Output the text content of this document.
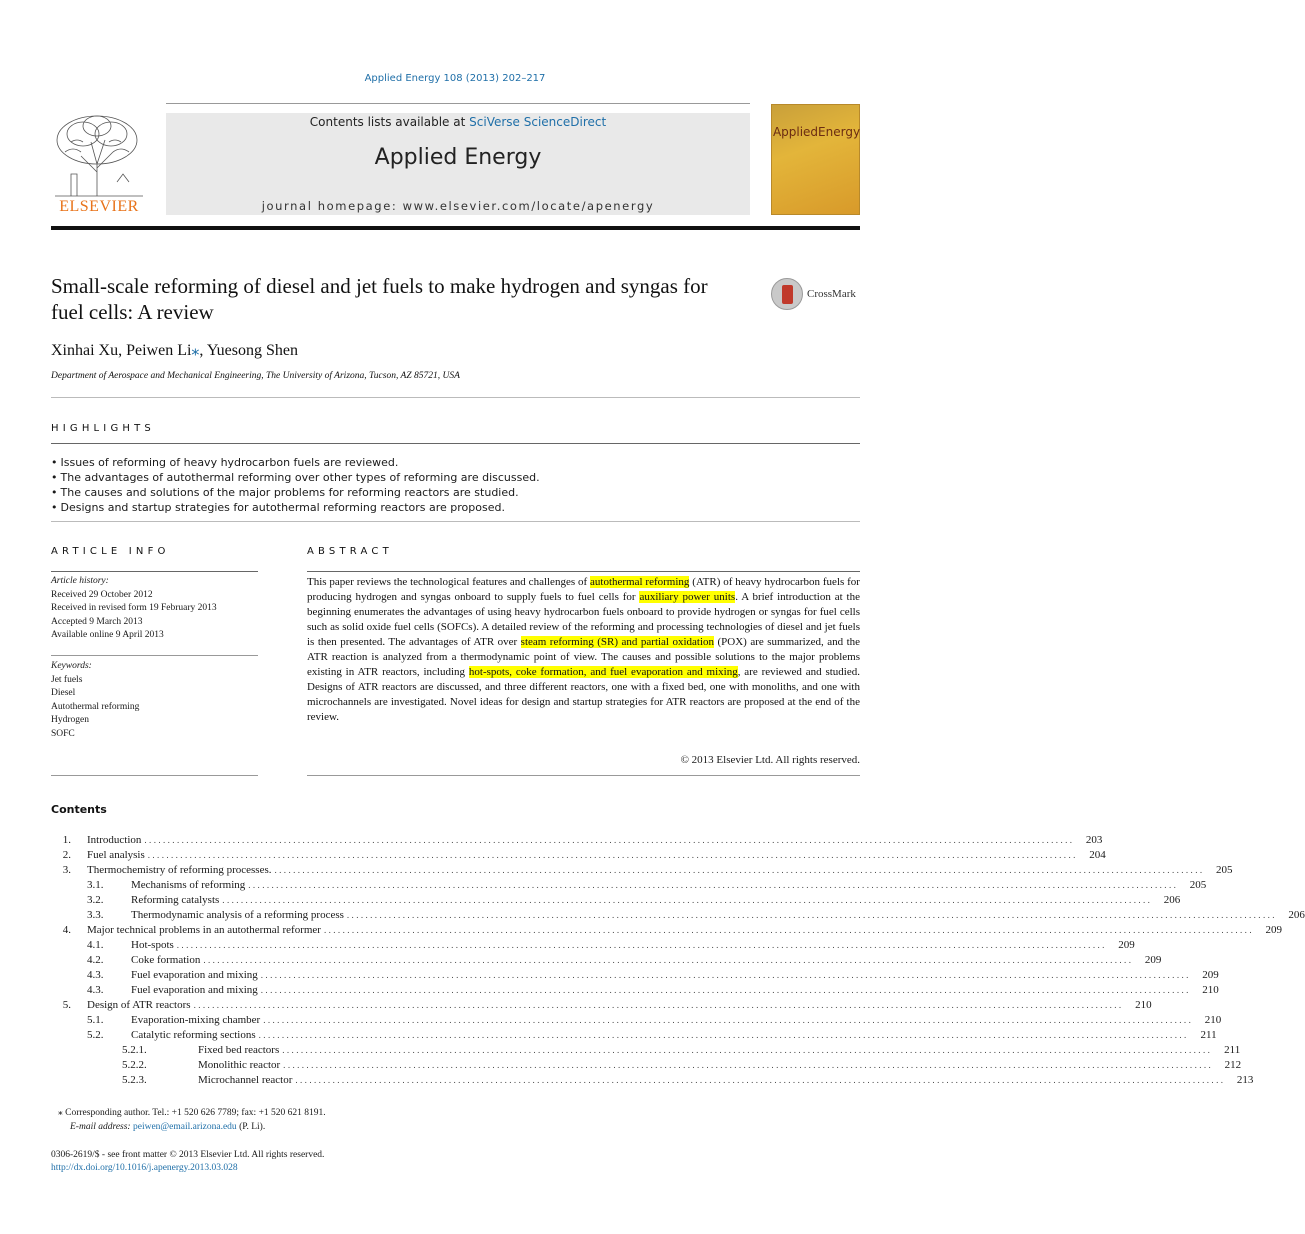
Applied Energy 108 (2013) 202–217
ELSEVIER
Contents lists available at SciVerse ScienceDirect
Applied Energy
journal homepage: www.elsevier.com/locate/apenergy
AppliedEnergy
Small-scale reforming of diesel and jet fuels to make hydrogen and syngas for fuel cells: A review
CrossMark
Xinhai Xu, Peiwen Li⁎, Yuesong Shen
Department of Aerospace and Mechanical Engineering, The University of Arizona, Tucson, AZ 85721, USA
HIGHLIGHTS
• Issues of reforming of heavy hydrocarbon fuels are reviewed.
• The advantages of autothermal reforming over other types of reforming are discussed.
• The causes and solutions of the major problems for reforming reactors are studied.
• Designs and startup strategies for autothermal reforming reactors are proposed.
ARTICLE INFO
Article history:
Received 29 October 2012
Received in revised form 19 February 2013
Accepted 9 March 2013
Available online 9 April 2013
Keywords:
Jet fuels
Diesel
Autothermal reforming
Hydrogen
SOFC
ABSTRACT
This paper reviews the technological features and challenges of autothermal reforming (ATR) of heavy hydrocarbon fuels for producing hydrogen and syngas onboard to supply fuels to fuel cells for auxiliary power units. A brief introduction at the beginning enumerates the advantages of using heavy hydrocarbon fuels onboard to provide hydrogen or syngas for fuel cells such as solid oxide fuel cells (SOFCs). A detailed review of the reforming and processing technologies of diesel and jet fuels is then presented. The advantages of ATR over steam reforming (SR) and partial oxidation (POX) are summarized, and the ATR reaction is analyzed from a thermodynamic point of view. The causes and possible solutions to the major problems existing in ATR reactors, including hot-spots, coke formation, and fuel evaporation and mixing, are reviewed and studied. Designs of ATR reactors are discussed, and three different reactors, one with a fixed bed, one with monoliths, and one with microchannels are investigated. Novel ideas for design and startup strategies for ATR reactors are proposed at the end of the review.
© 2013 Elsevier Ltd. All rights reserved.
Contents
1. Introduction ........................................................................................................................................................................................................	203
2. Fuel analysis ........................................................................................................................................................................................................	204
3. Thermochemistry of reforming processes. ........................................................................................................................................................................................................	205
3.1.	Mechanisms of reforming ........................................................................................................................................................................................................	205
3.2.	Reforming catalysts ........................................................................................................................................................................................................	206
3.3.	Thermodynamic analysis of a reforming process ........................................................................................................................................................................................................	206
4. Major technical problems in an autothermal reformer ........................................................................................................................................................................................................	209
4.1.	Hot-spots ........................................................................................................................................................................................................	209
4.2.	Coke formation ........................................................................................................................................................................................................	209
4.3.	Fuel evaporation and mixing ........................................................................................................................................................................................................	209
4.3.	Fuel evaporation and mixing ........................................................................................................................................................................................................	210
5. Design of ATR reactors ........................................................................................................................................................................................................	210
5.1.	Evaporation-mixing chamber ........................................................................................................................................................................................................	210
5.2.	Catalytic reforming sections ........................................................................................................................................................................................................	211
5.2.1.	Fixed bed reactors ........................................................................................................................................................................................................	211
5.2.2.	Monolithic reactor ........................................................................................................................................................................................................	212
5.2.3.	Microchannel reactor ........................................................................................................................................................................................................	213
⁎ Corresponding author. Tel.: +1 520 626 7789; fax: +1 520 621 8191.
E-mail address: peiwen@email.arizona.edu (P. Li).
0306-2619/$ - see front matter © 2013 Elsevier Ltd. All rights reserved.
http://dx.doi.org/10.1016/j.apenergy.2013.03.028
